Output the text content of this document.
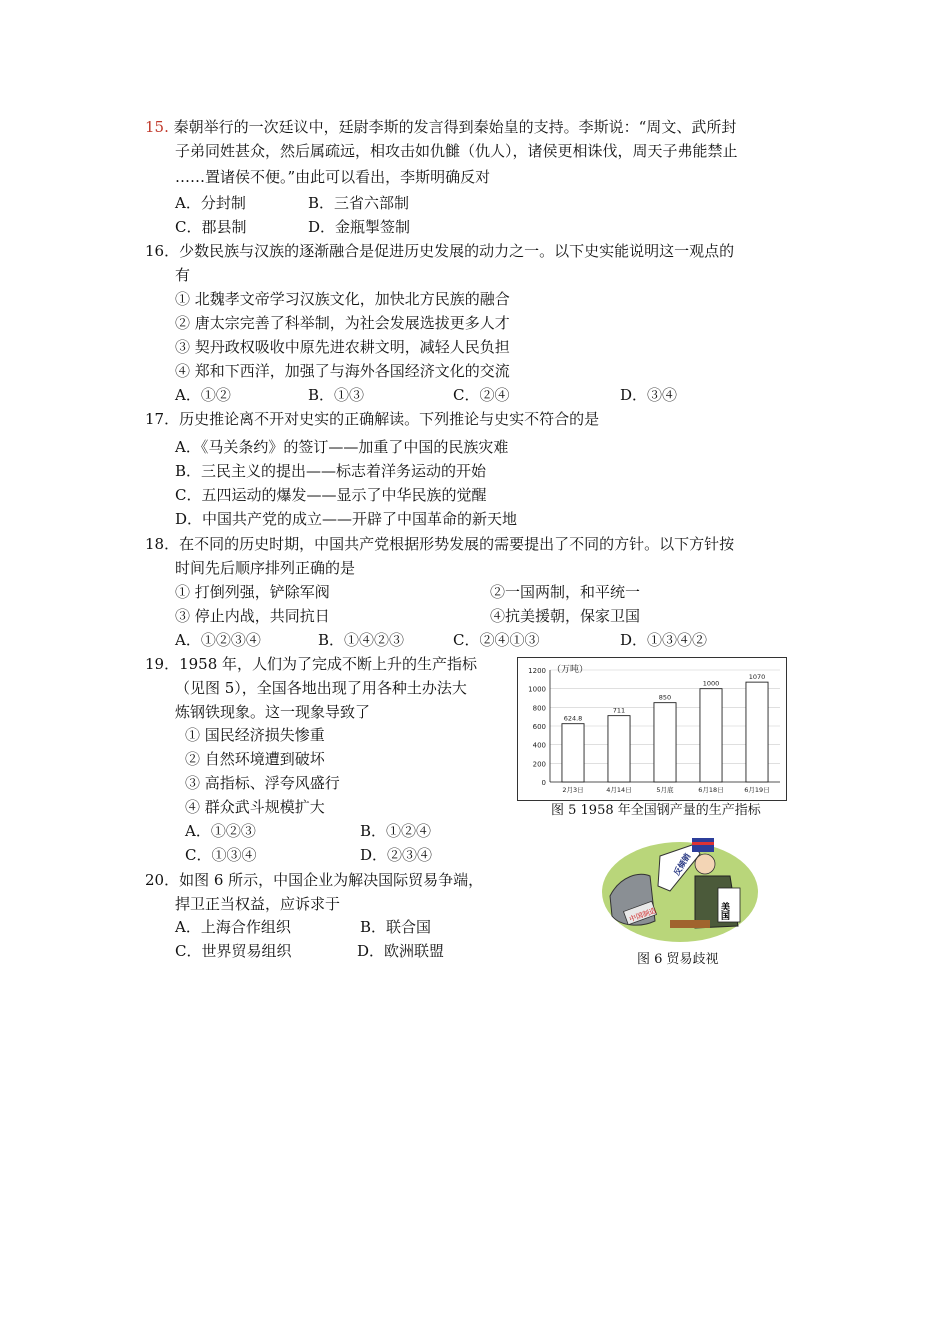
15. 秦朝举行的一次廷议中，廷尉李斯的发言得到秦始皇的支持。李斯说：“周文、武所封
子弟同姓甚众，然后属疏远，相攻击如仇雠（仇人），诸侯更相诛伐，周天子弗能禁止
……置诸侯不便。”由此可以看出，李斯明确反对
A．分封制	B．三省六部制
C．郡县制	D．金瓶掣签制
16．少数民族与汉族的逐渐融合是促进历史发展的动力之一。以下史实能说明这一观点的
有
① 北魏孝文帝学习汉族文化，加快北方民族的融合
② 唐太宗完善了科举制，为社会发展选拔更多人才
③ 契丹政权吸收中原先进农耕文明，减轻人民负担
④ 郑和下西洋，加强了与海外各国经济文化的交流
A．①②	B．①③	C．②④	D．③④
17．历史推论离不开对史实的正确解读。下列推论与史实不符合的是
A．《马关条约》的签订——加重了中国的民族灾难
B．三民主义的提出——标志着洋务运动的开始
C．五四运动的爆发——显示了中华民族的觉醒
D．中国共产党的成立——开辟了中国革命的新天地
18．在不同的历史时期，中国共产党根据形势发展的需要提出了不同的方针。以下方针按
时间先后顺序排列正确的是
① 打倒列强，铲除军阀	②一国两制，和平统一
③ 停止内战，共同抗日	④抗美援朝，保家卫国
A．①②③④	B．①④②③	C．②④①③	D．①③④②
19．1958 年，人们为了完成不断上升的生产指标
（见图 5），全国各地出现了用各种土办法大
炼钢铁现象。这一现象导致了
① 国民经济损失惨重
② 自然环境遭到破坏
③ 高指标、浮夸风盛行
④ 群众武斗规模扩大
A．①②③	B．①②④
C．①③④	D．②③④
0
200
400
600
800
1000
1200 （万吨）
624.8
2月3日
711
4月14日
850
5月底
1000
6月18日
1070
6月19日
图 5 1958 年全国钢产量的生产指标
20．如图 6 所示，中国企业为解决国际贸易争端，
捍卫正当权益，应诉求于
A．上海合作组织	B．联合国
C．世界贸易组织	D．欧洲联盟
中国制造
反倾销
美国
图 6 贸易歧视
